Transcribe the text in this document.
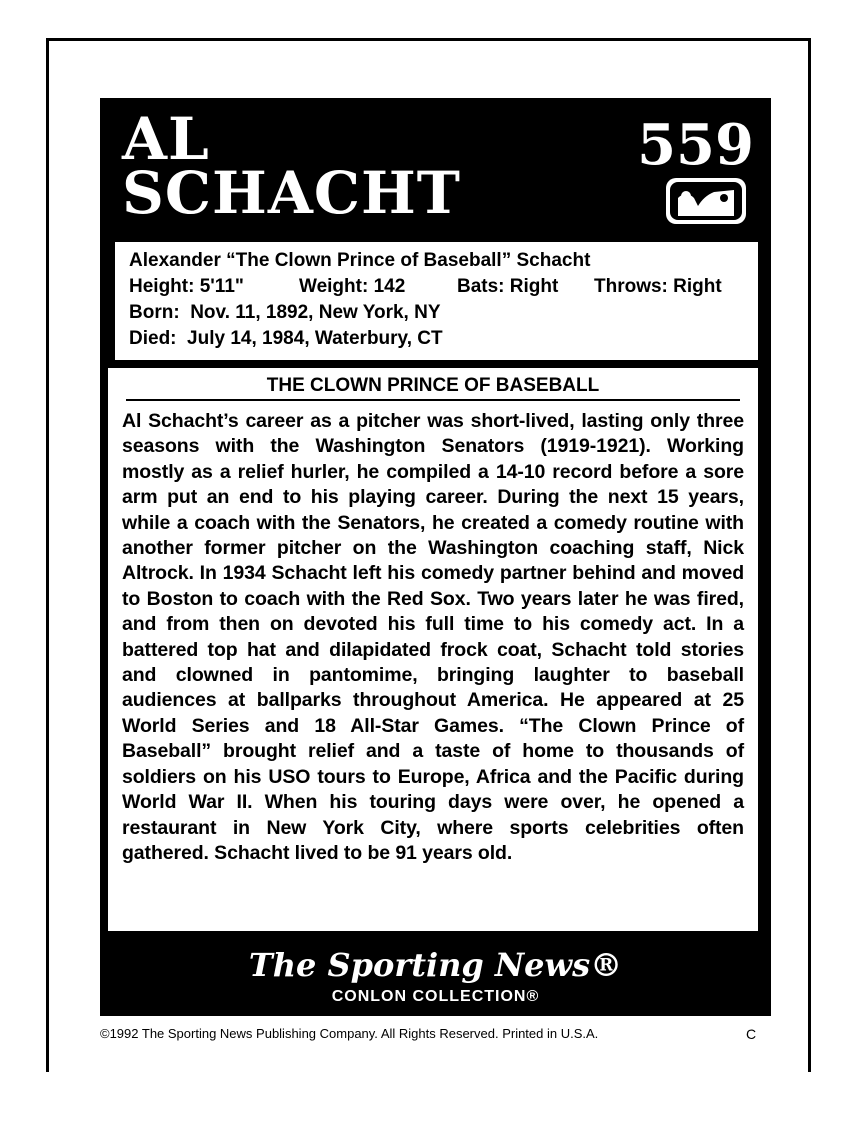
AL
SCHACHT
559
Alexander “The Clown Prince of Baseball” Schacht
Height: 5'11"	Weight: 142	Bats: Right Throws: Right
Born:  Nov. 11, 1892, New York, NY
Died:  July 14, 1984, Waterbury, CT
THE CLOWN PRINCE OF BASEBALL
Al Schacht’s career as a pitcher was short-lived, lasting only three seasons with the Washington Senators (1919-1921). Working mostly as a relief hurler, he compiled a 14-10 record before a sore arm put an end to his playing career. During the next 15 years, while a coach with the Senators, he created a comedy routine with another former pitcher on the Washington coaching staff, Nick Altrock. In 1934 Schacht left his comedy partner behind and moved to Boston to coach with the Red Sox. Two years later he was fired, and from then on devoted his full time to his comedy act. In a battered top hat and dilapidated frock coat, Schacht told stories and clowned in pantomime, bringing laughter to baseball audiences at ballparks throughout America. He appeared at 25 World Series and 18 All-Star Games. “The Clown Prince of Baseball” brought relief and a taste of home to thousands of soldiers on his USO tours to Europe, Africa and the Pacific during World War II. When his touring days were over, he opened a restaurant in New York City, where sports celebrities often gathered. Schacht lived to be 91 years old.
The Sporting News®
CONLON COLLECTION®
©1992 The Sporting News Publishing Company. All Rights Reserved. Printed in U.S.A.	C
